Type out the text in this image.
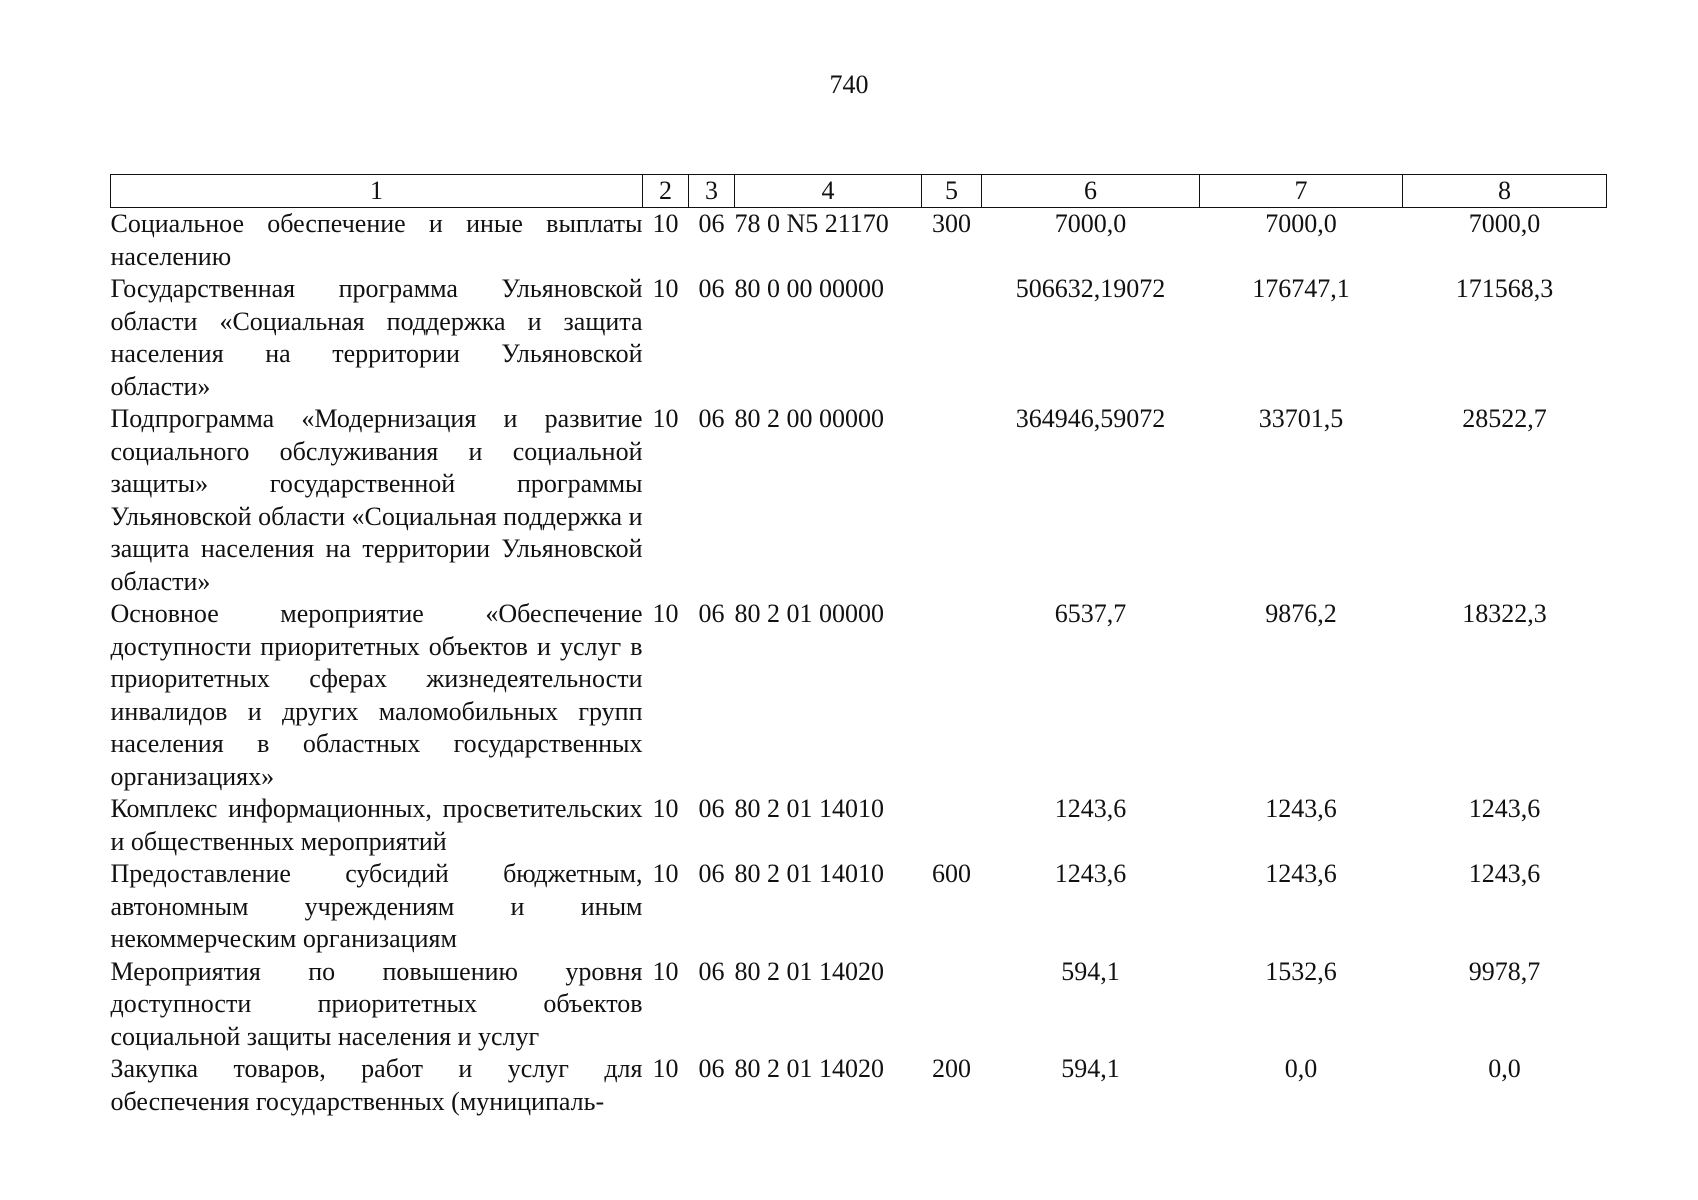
740
1	2	3	4	5	6	7	8
Социальное обеспечение и иные выплаты населению	10	06	78 0 N5 21170	300	7000,0	7000,0	7000,0
Государственная программа Ульяновской области «Социальная поддержка и защита населения на территории Ульяновской области»	10	06	80 0 00 00000		506632,19072	176747,1	171568,3
Подпрограмма «Модернизация и развитие социального обслуживания и социальной защиты» государственной программы Ульяновской области «Социальная поддержка и защита населения на территории Ульяновской области»	10	06	80 2 00 00000		364946,59072	33701,5	28522,7
Основное мероприятие «Обеспечение доступности приоритетных объектов и услуг в приоритетных сферах жизнедеятельности инвалидов и других маломобильных групп населения в областных государственных организациях»	10	06	80 2 01 00000		6537,7	9876,2	18322,3
Комплекс информационных, просветительских и общественных мероприятий	10	06	80 2 01 14010		1243,6	1243,6	1243,6
Предоставление субсидий бюджетным, автономным учреждениям и иным некоммерческим организациям	10	06	80 2 01 14010	600	1243,6	1243,6	1243,6
Мероприятия по повышению уровня доступности приоритетных объектов социальной защиты населения и услуг	10	06	80 2 01 14020		594,1	1532,6	9978,7
Закупка товаров, работ и услуг для обеспечения государственных (муниципаль-	10	06	80 2 01 14020	200	594,1	0,0	0,0
